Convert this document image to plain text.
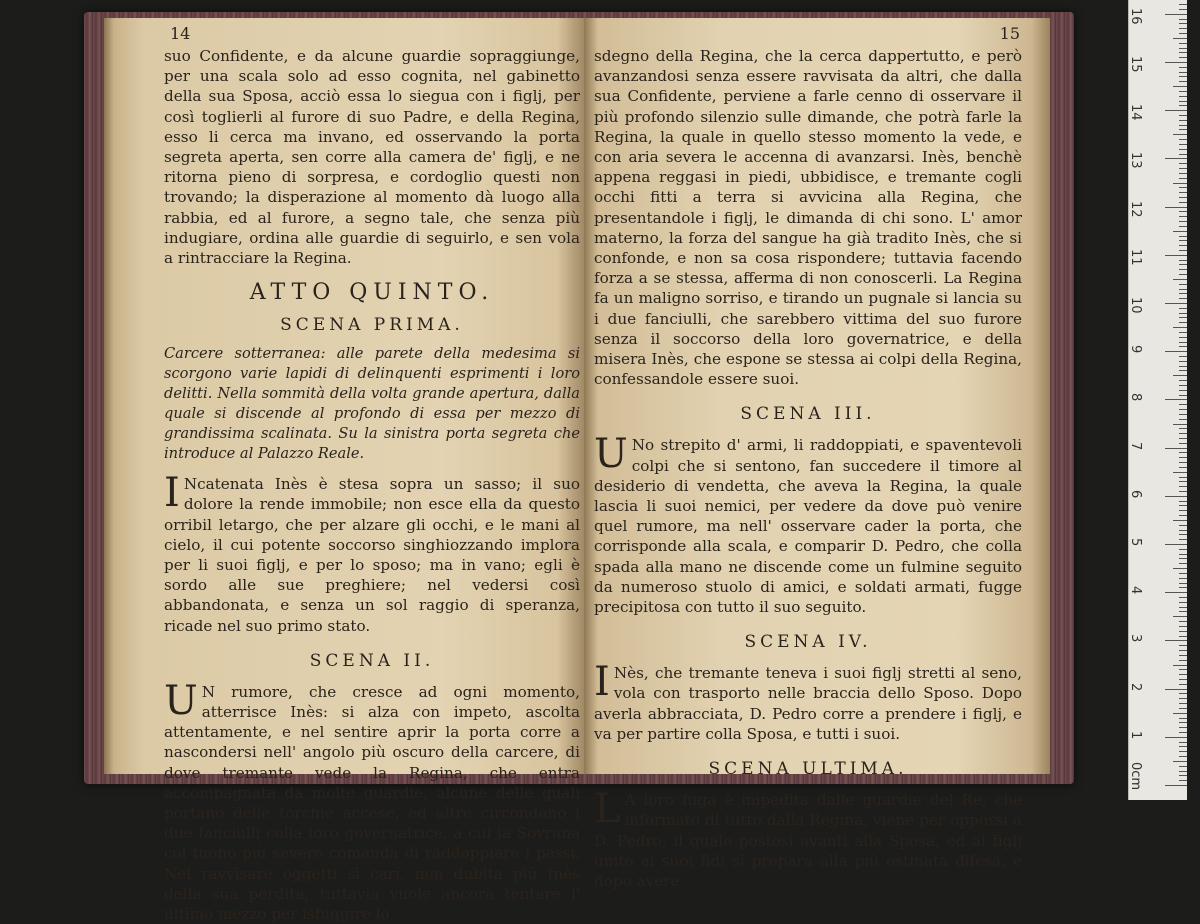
14

suo Confidente, e da alcune guardie sopraggiunge, per una scala solo ad esso cognita, nel gabinetto della sua Sposa, acciò essa lo siegua con i figlj, per così toglierli al furore di suo Padre, e della Regina, esso li cerca ma invano, ed osservando la porta segreta aperta, sen corre alla camera de' figlj, e ne ritorna pieno di sorpresa, e cordoglio questi non trovando; la disperazione al momento dà luogo alla rabbia, ed al furore, a segno tale, che senza più indugiare, ordina alle guardie di seguirlo, e sen vola a rintracciare la Regina.

ATTO QUINTO.
SCENA PRIMA.

Carcere sotterranea: alle parete della medesima si scorgono varie lapidi di delinquenti esprimenti i loro delitti. Nella sommità della volta grande apertura, dalla quale si discende al profondo di essa per mezzo di grandissima scalinata. Su la sinistra porta segreta che introduce al Palazzo Reale.

I Ncatenata Inès è stesa sopra un sasso; il suo dolore la rende immobile; non esce ella da questo orribil letargo, che per alzare gli occhi, e le mani al cielo, il cui potente soccorso singhiozzando implora per li suoi figlj, e per lo sposo; ma in vano; egli è sordo alle sue preghiere; nel vedersi così abbandonata, e senza un sol raggio di speranza, ricade nel suo primo stato.

SCENA II.

U N rumore, che cresce ad ogni momento, atterrisce Inès: si alza con impeto, ascolta attentamente, e nel sentire aprir la porta corre a nascondersi nell' angolo più oscuro della carcere, di dove tremante vede la Regina, che entra accompagnata da molte guardie, alcune delle quali portano delle torchie accese, ed altre circondano i due fanciulli colla loro governatrice, a cui la Sovrana col tuono più severo comanda di raddoppiare i passi. Nel ravvisare oggetti sì cari, non dubita più Inès della sua perdita; tuttavia vuole ancora tentare l' ultimo mezzo per isfuggire lo

15

sdegno della Regina, che la cerca dappertutto, e però avanzandosi senza essere ravvisata da altri, che dalla sua Confidente, perviene a farle cenno di osservare il più profondo silenzio sulle dimande, che potrà farle la Regina, la quale in quello stesso momento la vede, e con aria severa le accenna di avanzarsi. Inès, benchè appena reggasi in piedi, ubbidisce, e tremante cogli occhi fitti a terra si avvicina alla Regina, che presentandole i figlj, le dimanda di chi sono. L' amor materno, la forza del sangue ha già tradito Inès, che si confonde, e non sa cosa rispondere; tuttavia facendo forza a se stessa, afferma di non conoscerli. La Regina fa un maligno sorriso, e tirando un pugnale si lancia su i due fanciulli, che sarebbero vittima del suo furore senza il soccorso della loro governatrice, e della misera Inès, che espone se stessa ai colpi della Regina, confessandole essere suoi.

SCENA III.

U No strepito d' armi, li raddoppiati, e spaventevoli colpi che si sentono, fan succedere il timore al desiderio di vendetta, che aveva la Regina, la quale lascia li suoi nemici, per vedere da dove può venire quel rumore, ma nell' osservare cader la porta, che corrisponde alla scala, e comparir D. Pedro, che colla spada alla mano ne discende come un fulmine seguito da numeroso stuolo di amici, e soldati armati, fugge precipitosa con tutto il suo seguito.

SCENA IV.

I Nès, che tremante teneva i suoi figlj stretti al seno, vola con trasporto nelle braccia dello Sposo. Dopo averla abbracciata, D. Pedro corre a prendere i figlj, e va per partire colla Sposa, e tutti i suoi.

SCENA ULTIMA.

L A loro fuga è impedita dalle guardie del Re, che informato di tutto dalla Regina, viene per opporsi a D. Pedro, il quale postosi avanti alla Sposa, ed ai figlj unito ai suoi fidi si prepara alla più ostinata difesa, e dopo avere

0cm
1
2
3
4
5
6
7
8
9
10
11
12
13
14
15
16
